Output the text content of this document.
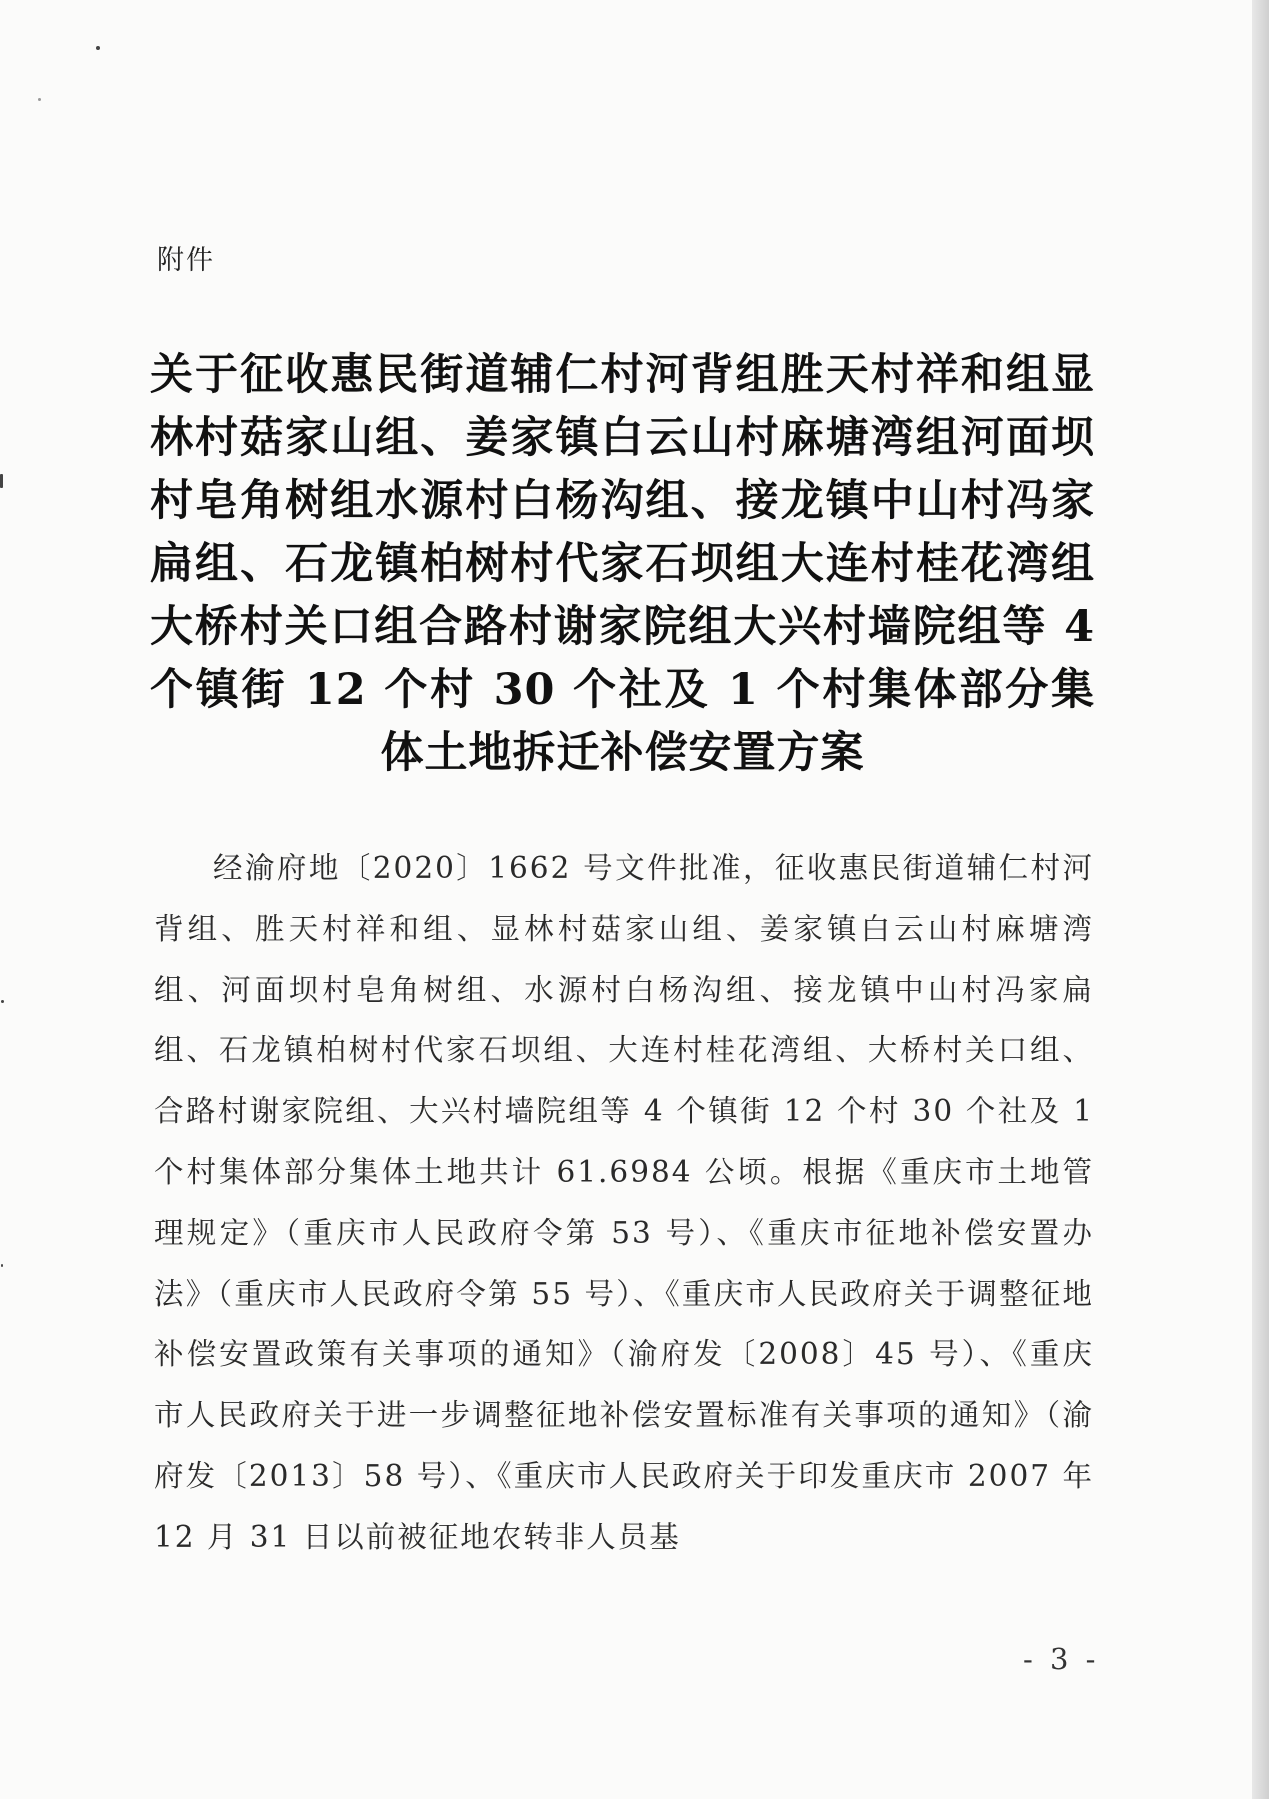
附件
关于征收惠民街道辅仁村河背组胜天村祥和组显林村菇家山组、姜家镇白云山村麻塘湾组河面坝村皂角树组水源村白杨沟组、接龙镇中山村冯家扁组、石龙镇柏树村代家石坝组大连村桂花湾组大桥村关口组合路村谢家院组大兴村墙院组等 4 个镇街 12 个村 30 个社及 1 个村集体部分集体土地拆迁补偿安置方案
经渝府地〔2020〕1662 号文件批准，征收惠民街道辅仁村河背组、胜天村祥和组、显林村菇家山组、姜家镇白云山村麻塘湾组、河面坝村皂角树组、水源村白杨沟组、接龙镇中山村冯家扁组、石龙镇柏树村代家石坝组、大连村桂花湾组、大桥村关口组、合路村谢家院组、大兴村墙院组等 4 个镇街 12 个村 30 个社及 1 个村集体部分集体土地共计 61.6984 公顷。根据《重庆市土地管理规定》（重庆市人民政府令第 53 号）、《重庆市征地补偿安置办法》（重庆市人民政府令第 55 号）、《重庆市人民政府关于调整征地补偿安置政策有关事项的通知》（渝府发〔2008〕45 号）、《重庆市人民政府关于进一步调整征地补偿安置标准有关事项的通知》（渝府发〔2013〕58 号）、《重庆市人民政府关于印发重庆市 2007 年 12 月 31 日以前被征地农转非人员基
- 3 -
